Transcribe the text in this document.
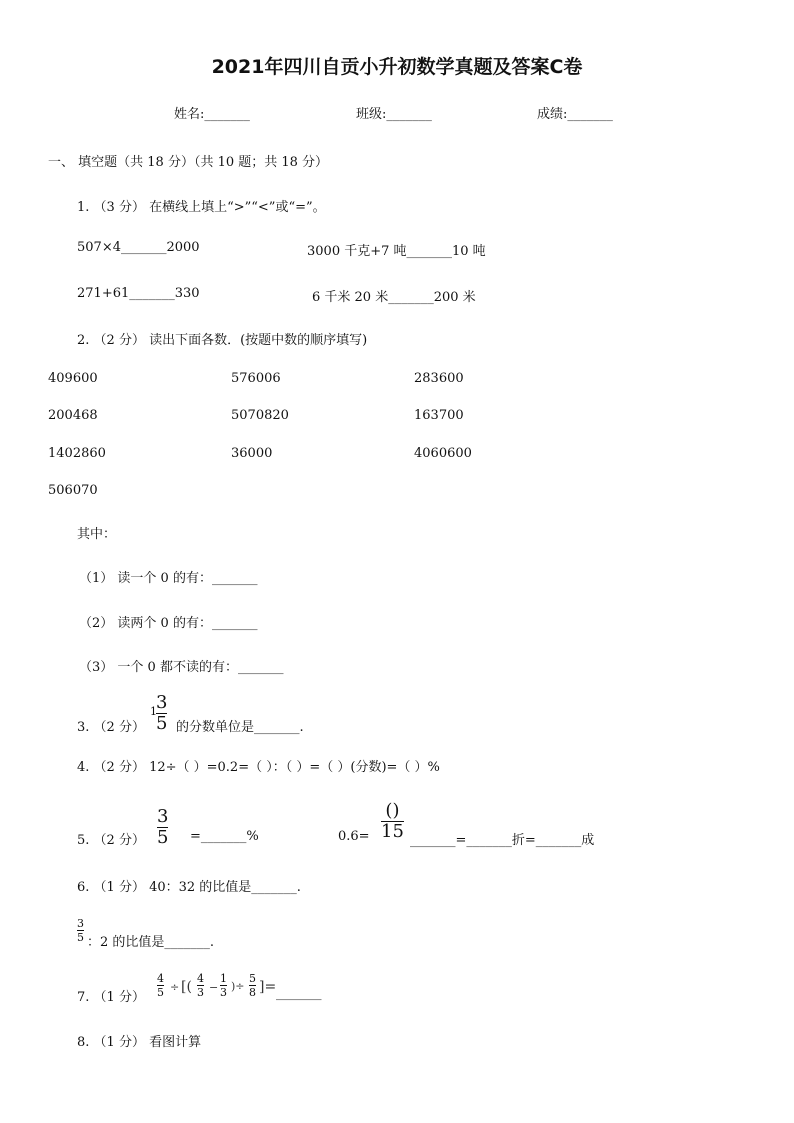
2021年四川自贡小升初数学真题及答案C卷
姓名:_______	班级:_______	成绩:_______
一、 填空题（共 18 分）（共 10 题；共 18 分）
1. （3 分） 在横线上填上“>”“<”或“=”。
507×4_______2000	3000 千克+7 吨_______10 吨
271+61_______330	6 千米 20 米_______200 米
2. （2 分） 读出下面各数．(按题中数的顺序填写)
409600	576006	283600
200468	5070820	163700
1402860	36000	4060600
506070
其中：
（1） 读一个 0 的有：_______
（2） 读两个 0 的有：_______
（3） 一个 0 都不读的有：_______
3. （2 分）
1 3
5 的分数单位是_______.
4. （2 分） 12÷（ ）=0.2=（ ）：（ ）=（ ）(分数)=（ ）%
5. （2 分）
3
5 =_______%	0.6=
()
15 _______=_______折=_______成
6. （1 分） 40：32 的比值是_______.
3
5 ：2 的比值是_______.
7. （1 分）
4
5 ÷ [(
4
3 −
1
3 )÷
5
8 ]= _______
8. （1 分） 看图计算
